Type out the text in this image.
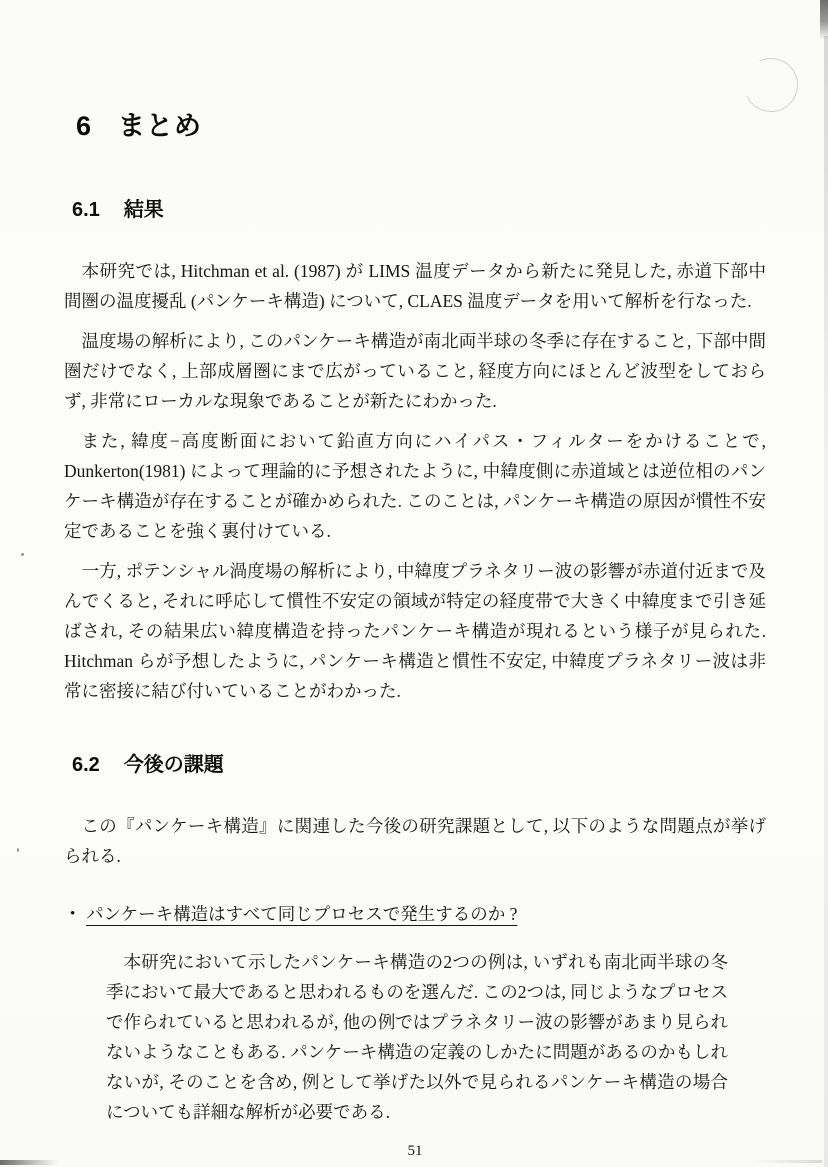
6 まとめ
6.1 結果

本研究では, Hitchman et al. (1987) が LIMS 温度データから新たに発見した, 赤道下部中間圏の温度擾乱 (パンケーキ構造) について, CLAES 温度データを用いて解析を行なった.

温度場の解析により, このパンケーキ構造が南北両半球の冬季に存在すること, 下部中間圏だけでなく, 上部成層圏にまで広がっていること, 経度方向にほとんど波型をしておらず, 非常にローカルな現象であることが新たにわかった.

また, 緯度−高度断面において鉛直方向にハイパス・フィルターをかけることで, Dunkerton(1981) によって理論的に予想されたように, 中緯度側に赤道域とは逆位相のパンケーキ構造が存在することが確かめられた. このことは, パンケーキ構造の原因が慣性不安定であることを強く裏付けている.

一方, ポテンシャル渦度場の解析により, 中緯度プラネタリー波の影響が赤道付近まで及んでくると, それに呼応して慣性不安定の領域が特定の経度帯で大きく中緯度まで引き延ばされ, その結果広い緯度構造を持ったパンケーキ構造が現れるという様子が見られた. Hitchman らが予想したように, パンケーキ構造と慣性不安定, 中緯度プラネタリー波は非常に密接に結び付いていることがわかった.

6.2 今後の課題

この『パンケーキ構造』に関連した今後の研究課題として, 以下のような問題点が挙げられる.

• パンケーキ構造はすべて同じプロセスで発生するのか ?

本研究において示したパンケーキ構造の2つの例は, いずれも南北両半球の冬季において最大であると思われるものを選んだ. この2つは, 同じようなプロセスで作られていると思われるが, 他の例ではプラネタリー波の影響があまり見られないようなこともある. パンケーキ構造の定義のしかたに問題があるのかもしれないが, そのことを含め, 例として挙げた以外で見られるパンケーキ構造の場合についても詳細な解析が必要である.

51
